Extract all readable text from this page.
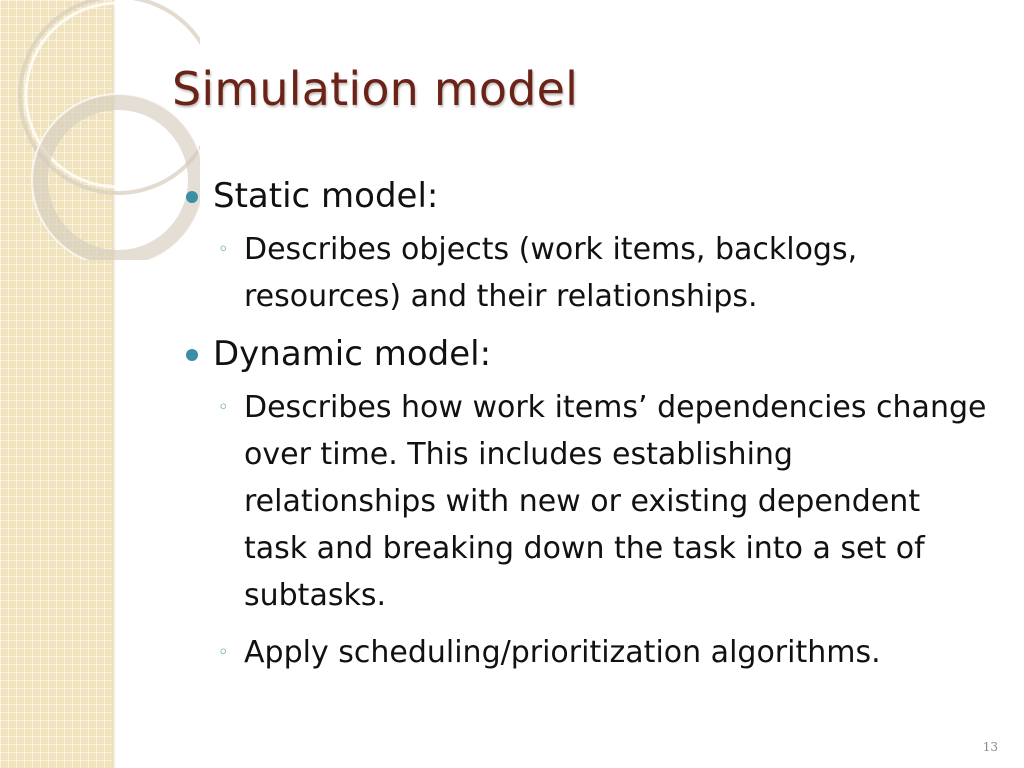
Simulation model
Static model:
◦ Describes objects (work items, backlogs, resources) and their relationships.
Dynamic model:
◦ Describes how work items’ dependencies change over time. This includes establishing relationships with new or existing dependent task and breaking down the task into a set of subtasks.
◦ Apply scheduling/prioritization algorithms.
13
